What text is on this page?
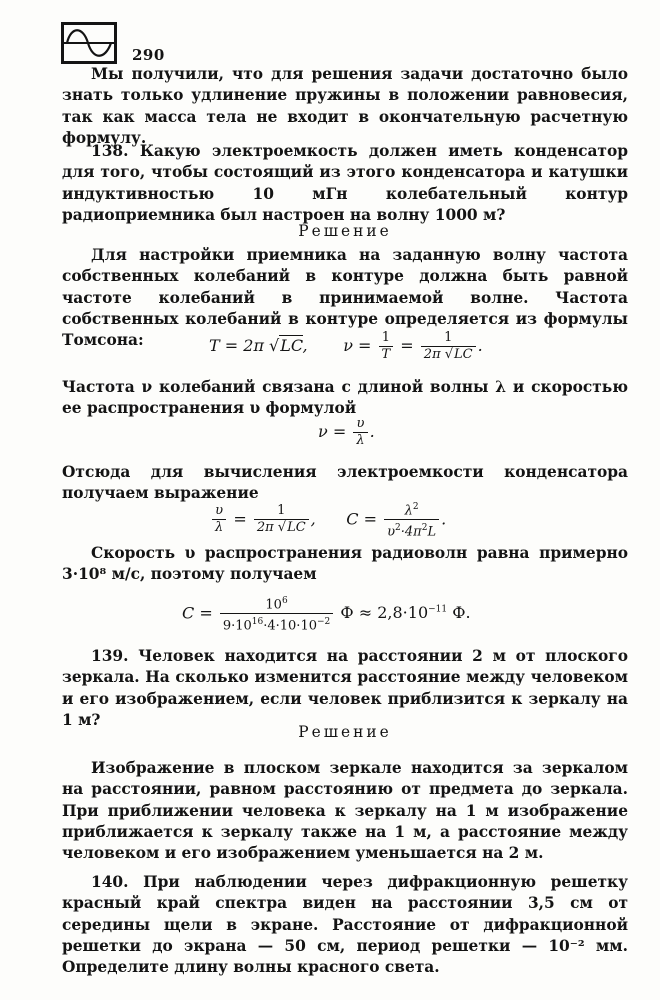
290
Мы получили, что для решения задачи достаточно было знать только удлинение пружины в положении равновесия, так как масса тела не входит в окончательную расчетную формулу.
138. Какую электроемкость должен иметь конденсатор для того, чтобы состоящий из этого конденсатора и катушки индуктивностью 10 мГн колебательный контур радиоприемника был настроен на волну 1000 м?
Решение
Для настройки приемника на заданную волну частота собственных колебаний в контуре должна быть равной частоте колебаний в принимаемой волне. Частота собственных колебаний в контуре определяется из формулы Томсона:	T = 2π √LC,       $\nu = \frac{1}{T} = \frac{1}{2\pi √LC}$ .
Частота ν колебаний связана с длиной волны λ и скоростью ее распространения υ формулой
$\nu = \frac{\upsilon}{\lambda}$ .
Отсюда для вычисления электроемкости конденсатора получаем выражение
$\frac{\upsilon}{\lambda} = \frac{1}{2\pi √LC}$ ,      $C = \frac{\lambda^2}{\upsilon^2\cdot 4\pi^2L}$ .
Скорость υ распространения радиоволн равна примерно 3·10⁸ м/с, поэтому получаем
$C = \frac{10^6}{9\cdot 10^{16}\cdot 4\cdot 10\cdot 10^{-2}}$ $Ф \approx 2,8\cdot 10^{-11}$ Ф.
139. Человек находится на расстоянии 2 м от плоского зеркала. На сколько изменится расстояние между человеком и его изображением, если человек приблизится к зеркалу на 1 м?
Решение
Изображение в плоском зеркале находится за зеркалом на расстоянии, равном расстоянию от предмета до зеркала. При приближении человека к зеркалу на 1 м изображение приближается к зеркалу также на 1 м, а расстояние между человеком и его изображением уменьшается на 2 м.
140. При наблюдении через дифракционную решетку красный край спектра виден на расстоянии 3,5 см от середины щели в экране. Расстояние от дифракционной решетки до экрана — 50 см, период решетки — 10⁻² мм. Определите длину волны красного света.
